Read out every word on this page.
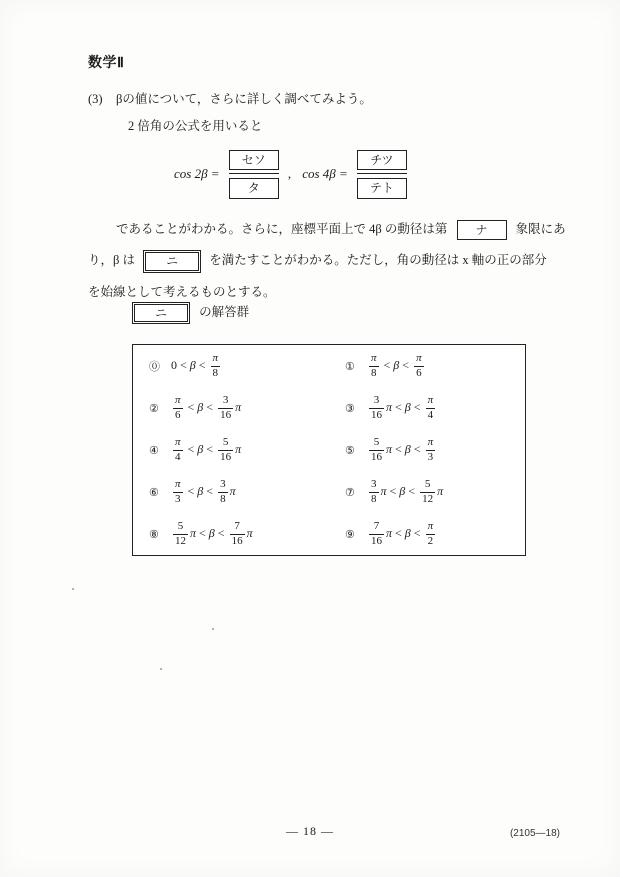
数学Ⅱ
(3) βの値について，さらに詳しく調べてみよう。
2 倍角の公式を用いると
$\cos 2\beta = \frac{\text{セソ}}{\text{タ}}$ , $\cos 4\beta = \frac{\text{チツ}}{\text{テト}}$
であることがわかる。さらに，座標平面上で 4β の動径は第 ナ 象限にあ
り，β は	ニ を満たすことがわかる。ただし，角の動径は x 軸の正の部分
を始線として考えるものとする。
ニ	の解答群
⓪ $0 < \beta < \frac{\pi}{8}$	①	$\frac{\pi}{8} < \beta < \frac{\pi}{6}$
②	$\frac{\pi}{6} < \beta < \frac{3}{16}$ π	③	$\frac{3}{16}$ $\pi < \beta < \frac{\pi}{4}$
④	$\frac{\pi}{4} < \beta < \frac{5}{16}$ π	⑤	$\frac{5}{16}$ $\pi < \beta < \frac{\pi}{3}$
⑥	$\frac{\pi}{3} < \beta < \frac{3}{8}$ π	⑦	$\frac{3}{8}$ $\pi < \beta < \frac{5}{12}$ π
⑧	$\frac{5}{12}$ $\pi < \beta < \frac{7}{16}$ π	⑨	$\frac{7}{16}$ $\pi < \beta < \frac{\pi}{2}$
— 18 —	(2105—18)
